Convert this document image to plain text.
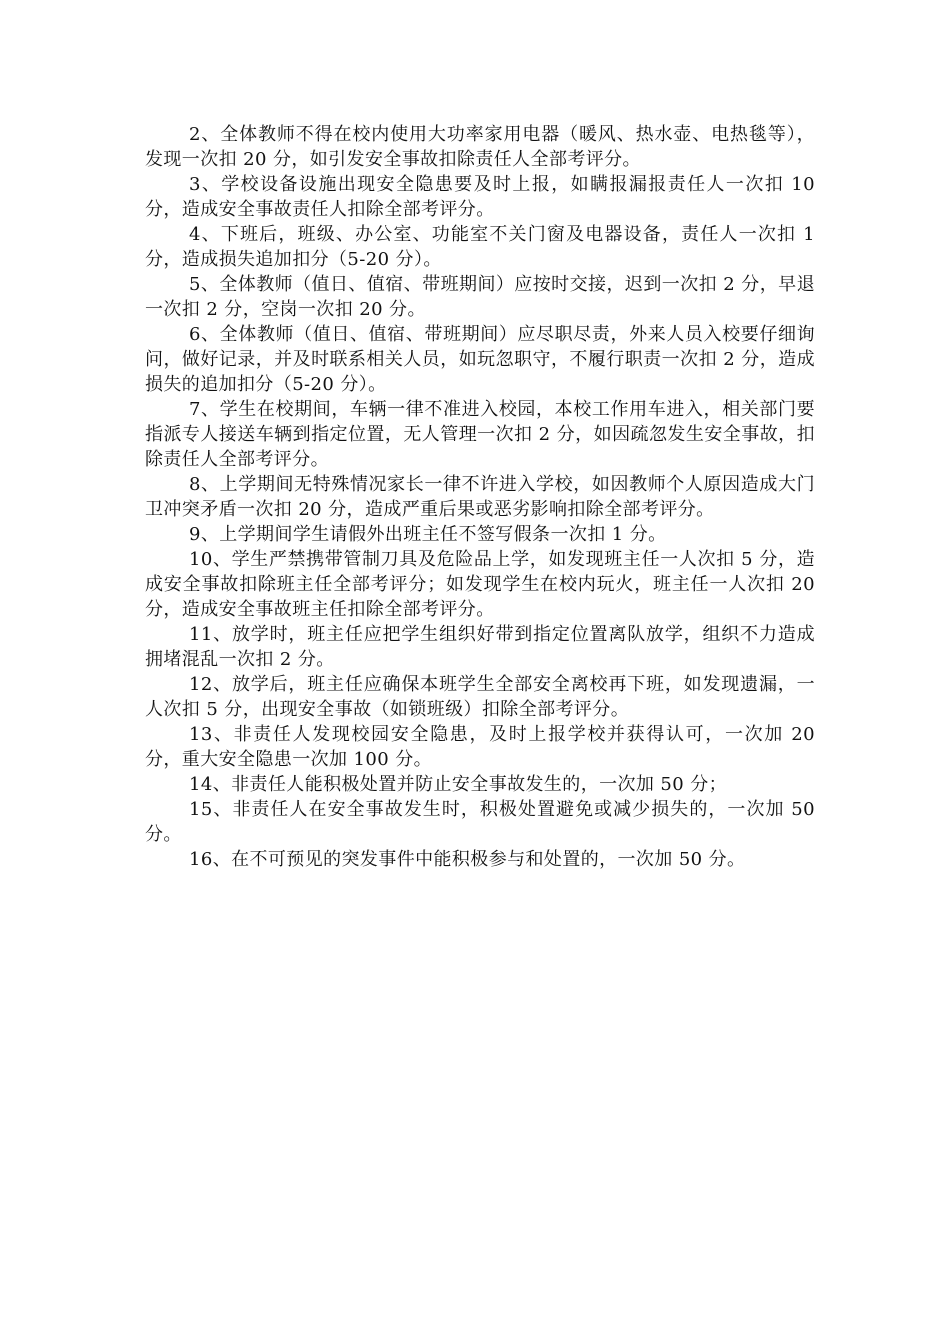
2、全体教师不得在校内使用大功率家用电器（暖风、热水壶、电热毯等），发现一次扣 20 分，如引发安全事故扣除责任人全部考评分。

3、学校设备设施出现安全隐患要及时上报，如瞒报漏报责任人一次扣 10 分，造成安全事故责任人扣除全部考评分。

4、下班后，班级、办公室、功能室不关门窗及电器设备，责任人一次扣 1 分，造成损失追加扣分（5-20 分）。

5、全体教师（值日、值宿、带班期间）应按时交接，迟到一次扣 2 分，早退一次扣 2 分，空岗一次扣 20 分。

6、全体教师（值日、值宿、带班期间）应尽职尽责，外来人员入校要仔细询问，做好记录，并及时联系相关人员，如玩忽职守，不履行职责一次扣 2 分，造成损失的追加扣分（5-20 分）。

7、学生在校期间，车辆一律不准进入校园，本校工作用车进入，相关部门要指派专人接送车辆到指定位置，无人管理一次扣 2 分，如因疏忽发生安全事故，扣除责任人全部考评分。

8、上学期间无特殊情况家长一律不许进入学校，如因教师个人原因造成大门卫冲突矛盾一次扣 20 分，造成严重后果或恶劣影响扣除全部考评分。

9、上学期间学生请假外出班主任不签写假条一次扣 1 分。

10、学生严禁携带管制刀具及危险品上学，如发现班主任一人次扣 5 分，造成安全事故扣除班主任全部考评分；如发现学生在校内玩火，班主任一人次扣 20 分，造成安全事故班主任扣除全部考评分。

11、放学时，班主任应把学生组织好带到指定位置离队放学，组织不力造成拥堵混乱一次扣 2 分。

12、放学后，班主任应确保本班学生全部安全离校再下班，如发现遗漏，一人次扣 5 分，出现安全事故（如锁班级）扣除全部考评分。

13、非责任人发现校园安全隐患，及时上报学校并获得认可，一次加 20 分，重大安全隐患一次加 100 分。

14、非责任人能积极处置并防止安全事故发生的，一次加 50 分；

15、非责任人在安全事故发生时，积极处置避免或减少损失的，一次加 50 分。

16、在不可预见的突发事件中能积极参与和处置的，一次加 50 分。
